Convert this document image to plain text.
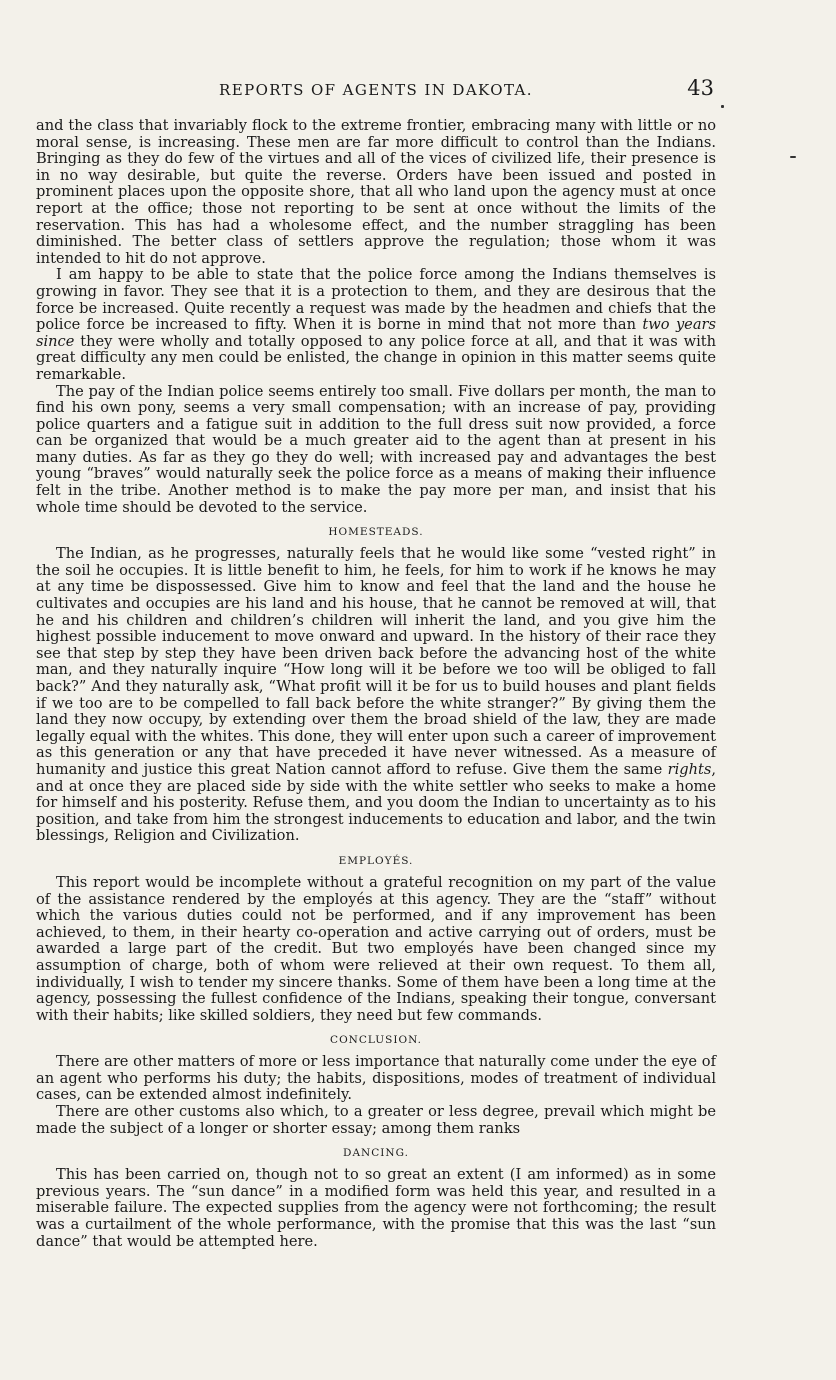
REPORTS OF AGENTS IN DAKOTA.	43

and the class that invariably flock to the extreme frontier, embracing many with little or no moral sense, is increasing. These men are far more difficult to control than the Indians. Bringing as they do few of the virtues and all of the vices of civilized life, their presence is in no way desirable, but quite the reverse. Orders have been issued and posted in prominent places upon the opposite shore, that all who land upon the agency must at once report at the office; those not reporting to be sent at once without the limits of the reservation. This has had a wholesome effect, and the number straggling has been diminished. The better class of settlers approve the regulation; those whom it was intended to hit do not approve.

I am happy to be able to state that the police force among the Indians themselves is growing in favor. They see that it is a protection to them, and they are desirous that the force be increased. Quite recently a request was made by the headmen and chiefs that the police force be increased to fifty. When it is borne in mind that not more than two years since they were wholly and totally opposed to any police force at all, and that it was with great difficulty any men could be enlisted, the change in opinion in this matter seems quite remarkable.

The pay of the Indian police seems entirely too small. Five dollars per month, the man to find his own pony, seems a very small compensation; with an increase of pay, providing police quarters and a fatigue suit in addition to the full dress suit now provided, a force can be organized that would be a much greater aid to the agent than at present in his many duties. As far as they go they do well; with increased pay and advantages the best young “braves” would naturally seek the police force as a means of making their influence felt in the tribe. Another method is to make the pay more per man, and insist that his whole time should be devoted to the service.

HOMESTEADS.

The Indian, as he progresses, naturally feels that he would like some “vested right” in the soil he occupies. It is little benefit to him, he feels, for him to work if he knows he may at any time be dispossessed. Give him to know and feel that the land and the house he cultivates and occupies are his land and his house, that he cannot be removed at will, that he and his children and children’s children will inherit the land, and you give him the highest possible inducement to move onward and upward. In the history of their race they see that step by step they have been driven back before the advancing host of the white man, and they naturally inquire “How long will it be before we too will be obliged to fall back?” And they naturally ask, “What profit will it be for us to build houses and plant fields if we too are to be compelled to fall back before the white stranger?” By giving them the land they now occupy, by extending over them the broad shield of the law, they are made legally equal with the whites. This done, they will enter upon such a career of improvement as this generation or any that have preceded it have never witnessed. As a measure of humanity and justice this great Nation cannot afford to refuse. Give them the same rights, and at once they are placed side by side with the white settler who seeks to make a home for himself and his posterity. Refuse them, and you doom the Indian to uncertainty as to his position, and take from him the strongest inducements to education and labor, and the twin blessings, Religion and Civilization.

EMPLOYÉS.

This report would be incomplete without a grateful recognition on my part of the value of the assistance rendered by the employés at this agency. They are the “staff” without which the various duties could not be performed, and if any improvement has been achieved, to them, in their hearty co-operation and active carrying out of orders, must be awarded a large part of the credit. But two employés have been changed since my assumption of charge, both of whom were relieved at their own request. To them all, individually, I wish to tender my sincere thanks. Some of them have been a long time at the agency, possessing the fullest confidence of the Indians, speaking their tongue, conversant with their habits; like skilled soldiers, they need but few commands.

CONCLUSION.

There are other matters of more or less importance that naturally come under the eye of an agent who performs his duty; the habits, dispositions, modes of treatment of individual cases, can be extended almost indefinitely.

There are other customs also which, to a greater or less degree, prevail which might be made the subject of a longer or shorter essay; among them ranks

DANCING.

This has been carried on, though not to so great an extent (I am informed) as in some previous years. The “sun dance” in a modified form was held this year, and resulted in a miserable failure. The expected supplies from the agency were not forthcoming; the result was a curtailment of the whole performance, with the promise that this was the last “sun dance” that would be attempted here.
